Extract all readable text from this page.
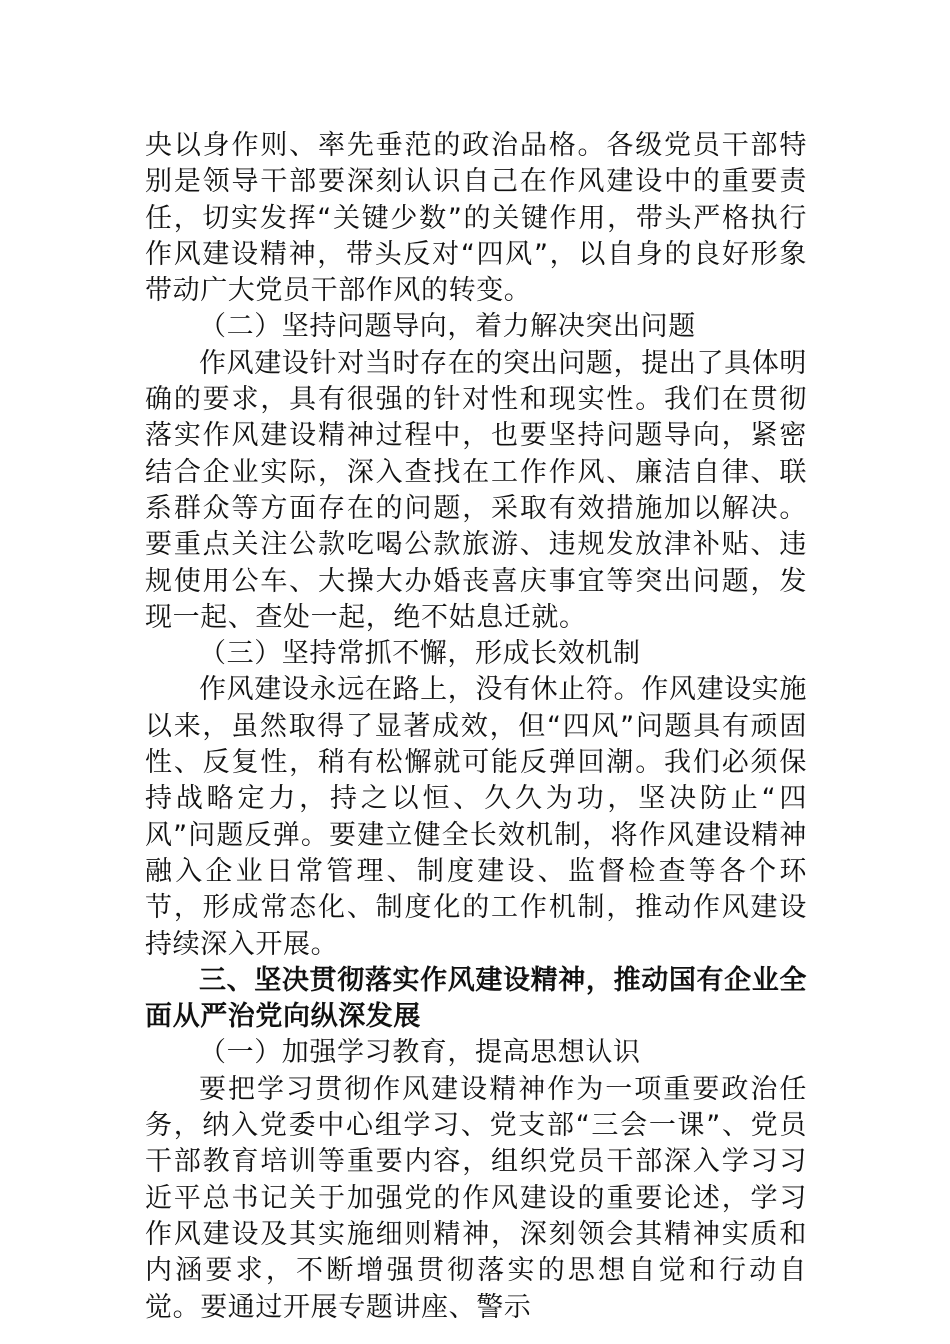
央以身作则、率先垂范的政治品格。各级党员干部特别是领导干部要深刻认识自己在作风建设中的重要责任，切实发挥“关键少数”的关键作用，带头严格执行作风建设精神，带头反对“四风”，以自身的良好形象带动广大党员干部作风的转变。

（二）坚持问题导向，着力解决突出问题

作风建设针对当时存在的突出问题，提出了具体明确的要求，具有很强的针对性和现实性。我们在贯彻落实作风建设精神过程中，也要坚持问题导向，紧密结合企业实际，深入查找在工作作风、廉洁自律、联系群众等方面存在的问题，采取有效措施加以解决。要重点关注公款吃喝公款旅游、违规发放津补贴、违规使用公车、大操大办婚丧喜庆事宜等突出问题，发现一起、查处一起，绝不姑息迁就。

（三）坚持常抓不懈，形成长效机制

作风建设永远在路上，没有休止符。作风建设实施以来，虽然取得了显著成效，但“四风”问题具有顽固性、反复性，稍有松懈就可能反弹回潮。我们必须保持战略定力，持之以恒、久久为功，坚决防止“四风”问题反弹。要建立健全长效机制，将作风建设精神融入企业日常管理、制度建设、监督检查等各个环节，形成常态化、制度化的工作机制，推动作风建设持续深入开展。

三、坚决贯彻落实作风建设精神，推动国有企业全面从严治党向纵深发展

（一）加强学习教育，提高思想认识

要把学习贯彻作风建设精神作为一项重要政治任务，纳入党委中心组学习、党支部“三会一课”、党员干部教育培训等重要内容，组织党员干部深入学习习近平总书记关于加强党的作风建设的重要论述，学习作风建设及其实施细则精神，深刻领会其精神实质和内涵要求，不断增强贯彻落实的思想自觉和行动自觉。要通过开展专题讲座、警示
